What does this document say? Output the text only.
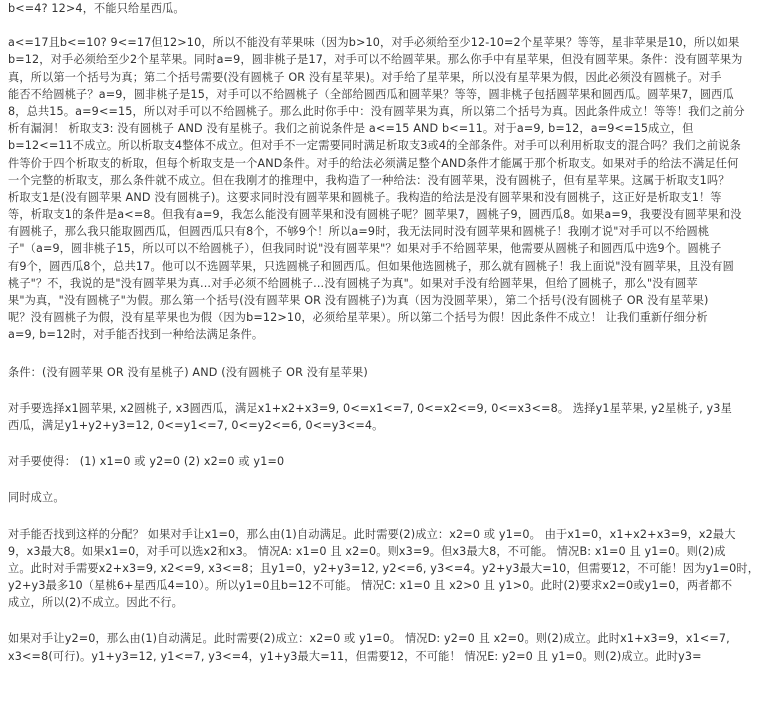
b<=4? 12>4，不能只给星西瓜。
a<=17且b<=10? 9<=17但12>10，所以不能没有苹果味（因为b>10，对手必须给至少12-10=2个星苹果？等等，星非苹果是10，所以如果
b=12，对手必须给至少2个星苹果。同时a=9，圆非桃子是17，对手可以不给圆苹果。那么你手中有星苹果，但没有圆苹果。条件：没有圆苹果为
真，所以第一个括号为真；第二个括号需要(没有圆桃子 OR 没有星苹果)。对手给了星苹果，所以没有星苹果为假，因此必须没有圆桃子。对手
能否不给圆桃子？a=9，圆非桃子是15，对手可以不给圆桃子（全部给圆西瓜和圆苹果？等等，圆非桃子包括圆苹果和圆西瓜。圆苹果7，圆西瓜
8，总共15。a=9<=15，所以对手可以不给圆桃子。那么此时你手中：没有圆苹果为真，所以第二个括号为真。因此条件成立！等等！我们之前分
析有漏洞！ 析取支3: 没有圆桃子 AND 没有星桃子。我们之前说条件是 a<=15 AND b<=11。对于a=9, b=12，a=9<=15成立，但
b=12<=11不成立。所以析取支4整体不成立。但对手不一定需要同时满足析取支3或4的全部条件。对手可以利用析取支的混合吗？我们之前说条
件等价于四个析取支的析取，但每个析取支是一个AND条件。对手的给法必须满足整个AND条件才能属于那个析取支。如果对手的给法不满足任何
一个完整的析取支，那么条件就不成立。但在我刚才的推理中，我构造了一种给法：没有圆苹果，没有圆桃子，但有星苹果。这属于析取支1吗？
析取支1是(没有圆苹果 AND 没有圆桃子)。这要求同时没有圆苹果和圆桃子。我构造的给法是没有圆苹果和没有圆桃子，这正好是析取支1！等
等，析取支1的条件是a<=8。但我有a=9，我怎么能没有圆苹果和没有圆桃子呢？圆苹果7，圆桃子9，圆西瓜8。如果a=9，我要没有圆苹果和没
有圆桃子，那么我只能取圆西瓜，但圆西瓜只有8个，不够9个！所以a=9时，我无法同时没有圆苹果和圆桃子！我刚才说"对手可以不给圆桃
子"（a=9，圆非桃子15，所以可以不给圆桃子），但我同时说"没有圆苹果"？如果对手不给圆苹果，他需要从圆桃子和圆西瓜中选9个。圆桃子
有9个，圆西瓜8个，总共17。他可以不选圆苹果，只选圆桃子和圆西瓜。但如果他选圆桃子，那么就有圆桃子！我上面说"没有圆苹果，且没有圆
桃子"？不，我说的是"没有圆苹果为真...对手必须不给圆桃子...没有圆桃子为真"。如果对手没有给圆苹果，但给了圆桃子，那么"没有圆苹
果"为真，"没有圆桃子"为假。那么第一个括号(没有圆苹果 OR 没有圆桃子)为真（因为没圆苹果），第二个括号(没有圆桃子 OR 没有星苹果)
呢？没有圆桃子为假，没有星苹果也为假（因为b=12>10，必须给星苹果）。所以第二个括号为假！因此条件不成立！ 让我们重新仔细分析
a=9, b=12时，对手能否找到一种给法满足条件。
条件：(没有圆苹果 OR 没有星桃子) AND (没有圆桃子 OR 没有星苹果)
对手要选择x1圆苹果, x2圆桃子, x3圆西瓜，满足x1+x2+x3=9, 0<=x1<=7, 0<=x2<=9, 0<=x3<=8。 选择y1星苹果, y2星桃子, y3星
西瓜，满足y1+y2+y3=12, 0<=y1<=7, 0<=y2<=6, 0<=y3<=4。
对手要使得： (1) x1=0 或 y2=0 (2) x2=0 或 y1=0
同时成立。
对手能否找到这样的分配？ 如果对手让x1=0，那么由(1)自动满足。此时需要(2)成立：x2=0 或 y1=0。 由于x1=0，x1+x2+x3=9，x2最大
9，x3最大8。如果x1=0，对手可以选x2和x3。 情况A: x1=0 且 x2=0。则x3=9。但x3最大8，不可能。 情况B: x1=0 且 y1=0。则(2)成
立。此时对手需要x2+x3=9, x2<=9, x3<=8；且y1=0，y2+y3=12, y2<=6, y3<=4。y2+y3最大=10，但需要12，不可能！因为y1=0时，
y2+y3最多10（星桃6+星西瓜4=10）。所以y1=0且b=12不可能。 情况C: x1=0 且 x2>0 且 y1>0。此时(2)要求x2=0或y1=0，两者都不
成立，所以(2)不成立。因此不行。
如果对手让y2=0，那么由(1)自动满足。此时需要(2)成立：x2=0 或 y1=0。 情况D: y2=0 且 x2=0。则(2)成立。此时x1+x3=9，x1<=7,
x3<=8(可行)。y1+y3=12, y1<=7, y3<=4，y1+y3最大=11，但需要12，不可能！ 情况E: y2=0 且 y1=0。则(2)成立。此时y3=
